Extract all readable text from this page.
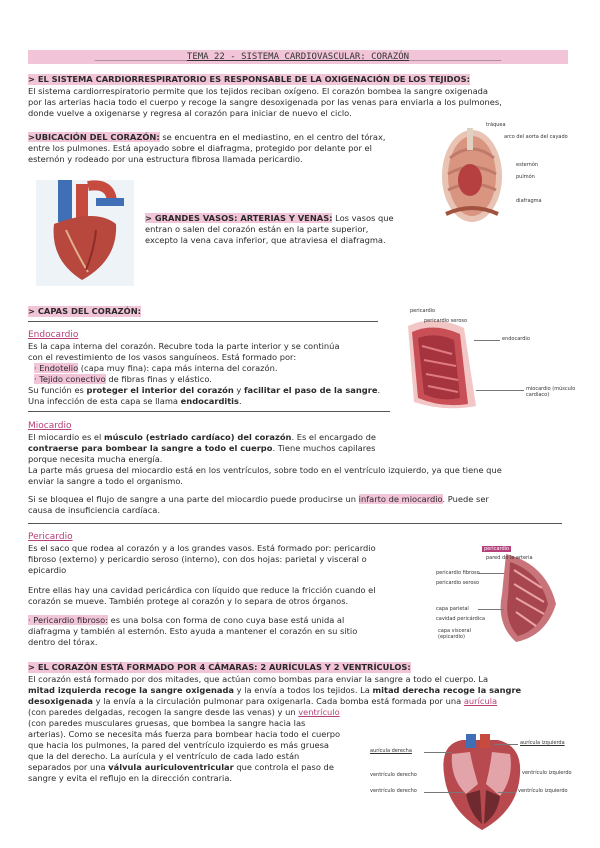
_________________TEMA 22 - SISTEMA CARDIOVASCULAR: CORAZÓN_________________
> EL SISTEMA CARDIORRESPIRATORIO ES RESPONSABLE DE LA OXIGENACIÓN DE LOS TEJIDOS:
El sistema cardiorrespiratorio permite que los tejidos reciban oxígeno. El corazón bombea la sangre oxigenada
por las arterias hacia todo el cuerpo y recoge la sangre desoxigenada por las venas para enviarla a los pulmones,
donde vuelve a oxigenarse y regresa al corazón para iniciar de nuevo el ciclo.
>UBICACIÓN DEL CORAZÓN: se encuentra en el mediastino, en el centro del tórax,
entre los pulmones. Está apoyado sobre el diafragma, protegido por delante por el
esternón y rodeado por una estructura fibrosa llamada pericardio.
tráquea
arco del aorta del cayado
esternón
pulmón
diafragma
> GRANDES VASOS: ARTERIAS Y VENAS: Los vasos que
entran o salen del corazón están en la parte superior,
excepto la vena cava inferior, que atraviesa el diafragma.
> CAPAS DEL CORAZÓN:
Endocardio
Es la capa interna del corazón. Recubre toda la parte interior y se continúa
con el revestimiento de los vasos sanguíneos. Está formado por:
· Endotelio (capa muy fina): capa más interna del corazón.
· Tejido conectivo de fibras finas y elástico.
Su función es proteger el interior del corazón y facilitar el paso de la sangre.
Una infección de esta capa se llama endocarditis.
pericardio
pericardio seroso
endocardio
miocardio (músculo cardíaco)
Miocardio
El miocardio es el músculo (estriado cardíaco) del corazón. Es el encargado de
contraerse para bombear la sangre a todo el cuerpo. Tiene muchos capilares
porque necesita mucha energía.
La parte más gruesa del miocardio está en los ventrículos, sobre todo en el ventrículo izquierdo, ya que tiene que
enviar la sangre a todo el organismo.
Si se bloquea el flujo de sangre a una parte del miocardio puede producirse un infarto de miocardio. Puede ser
causa de insuficiencia cardíaca.
Pericardio
Es el saco que rodea al corazón y a los grandes vasos. Está formado por: pericardio
fibroso (externo) y pericardio seroso (interno), con dos hojas: parietal y visceral o
epicardio
Entre ellas hay una cavidad pericárdica con líquido que reduce la fricción cuando el
corazón se mueve. También protege al corazón y lo separa de otros órganos.
· Pericardio fibroso: es una bolsa con forma de cono cuya base está unida al
diafragma y también al esternón. Esto ayuda a mantener el corazón en su sitio
dentro del tórax.
pericardio
pared de la arteria
pericardio fibroso
pericardio seroso
capa parietal
cavidad pericárdica
capa visceral (epicardio)
> EL CORAZÓN ESTÁ FORMADO POR 4 CÁMARAS: 2 AURÍCULAS Y 2 VENTRÍCULOS:
El corazón está formado por dos mitades, que actúan como bombas para enviar la sangre a todo el cuerpo. La
mitad izquierda recoge la sangre oxigenada y la envía a todos los tejidos. La mitad derecha recoge la sangre
desoxigenada y la envía a la circulación pulmonar para oxigenarla. Cada bomba está formada por una aurícula
(con paredes delgadas, recogen la sangre desde las venas) y un ventrículo
(con paredes musculares gruesas, que bombea la sangre hacia las
arterias). Como se necesita más fuerza para bombear hacia todo el cuerpo
que hacia los pulmones, la pared del ventrículo izquierdo es más gruesa
que la del derecho. La aurícula y el ventrículo de cada lado están
separados por una válvula auriculoventricular que controla el paso de
sangre y evita el reflujo en la dirección contraria.
aurícula derecha
aurícula izquierda
ventrículo derecho	ventrículo izquierdo
ventrículo derecho	ventrículo izquierdo
